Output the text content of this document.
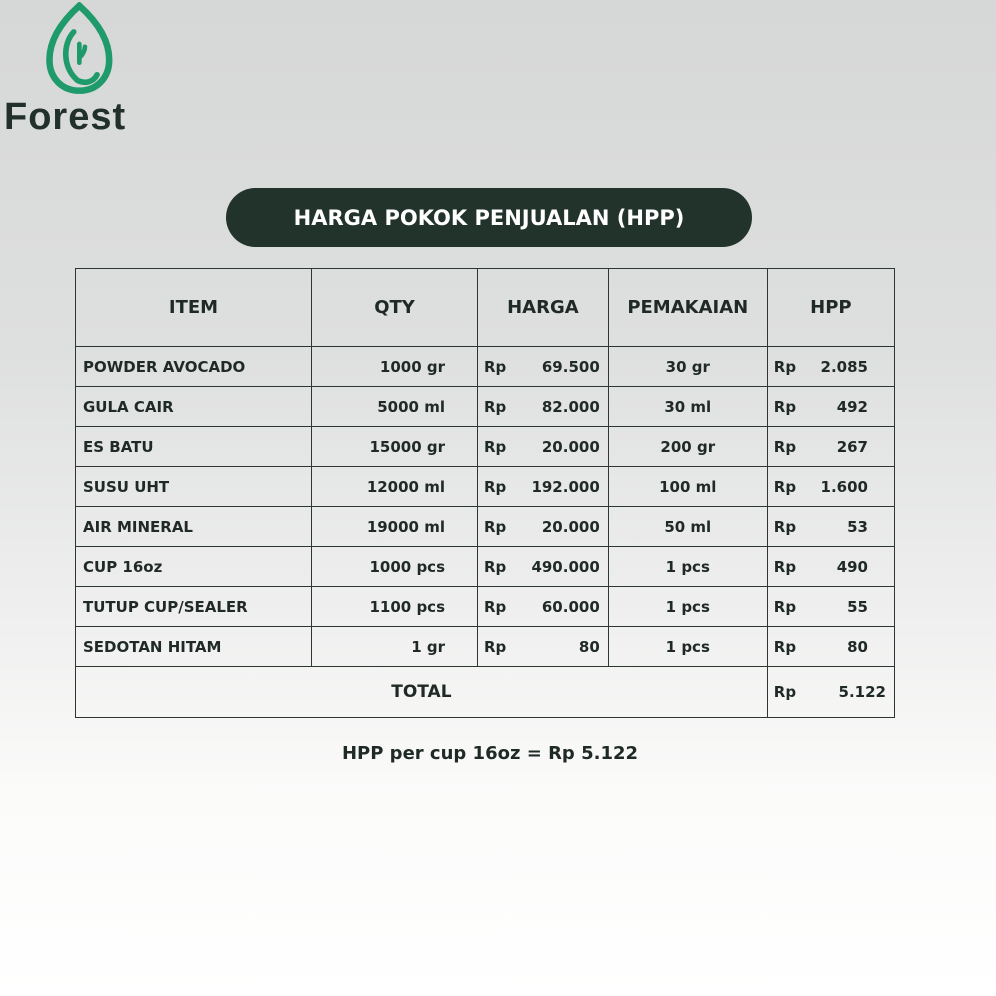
Forest
HARGA POKOK PENJUALAN (HPP)
ITEM	QTY	HARGA	PEMAKAIAN	HPP
POWDER AVOCADO	1000 gr	Rp 69.500	30 gr	Rp 2.085

GULA CAIR	5000 ml	Rp 82.000	30 ml	Rp 492

ES BATU	15000 gr	Rp 20.000	200 gr	Rp 267

SUSU UHT	12000 ml	Rp 192.000	100 ml	Rp 1.600

AIR MINERAL	19000 ml	Rp 20.000	50 ml	Rp 53

CUP 16oz	1000 pcs	Rp 490.000	1 pcs	Rp 490

TUTUP CUP/SEALER	1100 pcs	Rp 60.000	1 pcs	Rp 55

SEDOTAN HITAM	1 gr	Rp 80	1 pcs	Rp 80

TOTAL				Rp 5.122
HPP per cup 16oz = Rp 5.122
